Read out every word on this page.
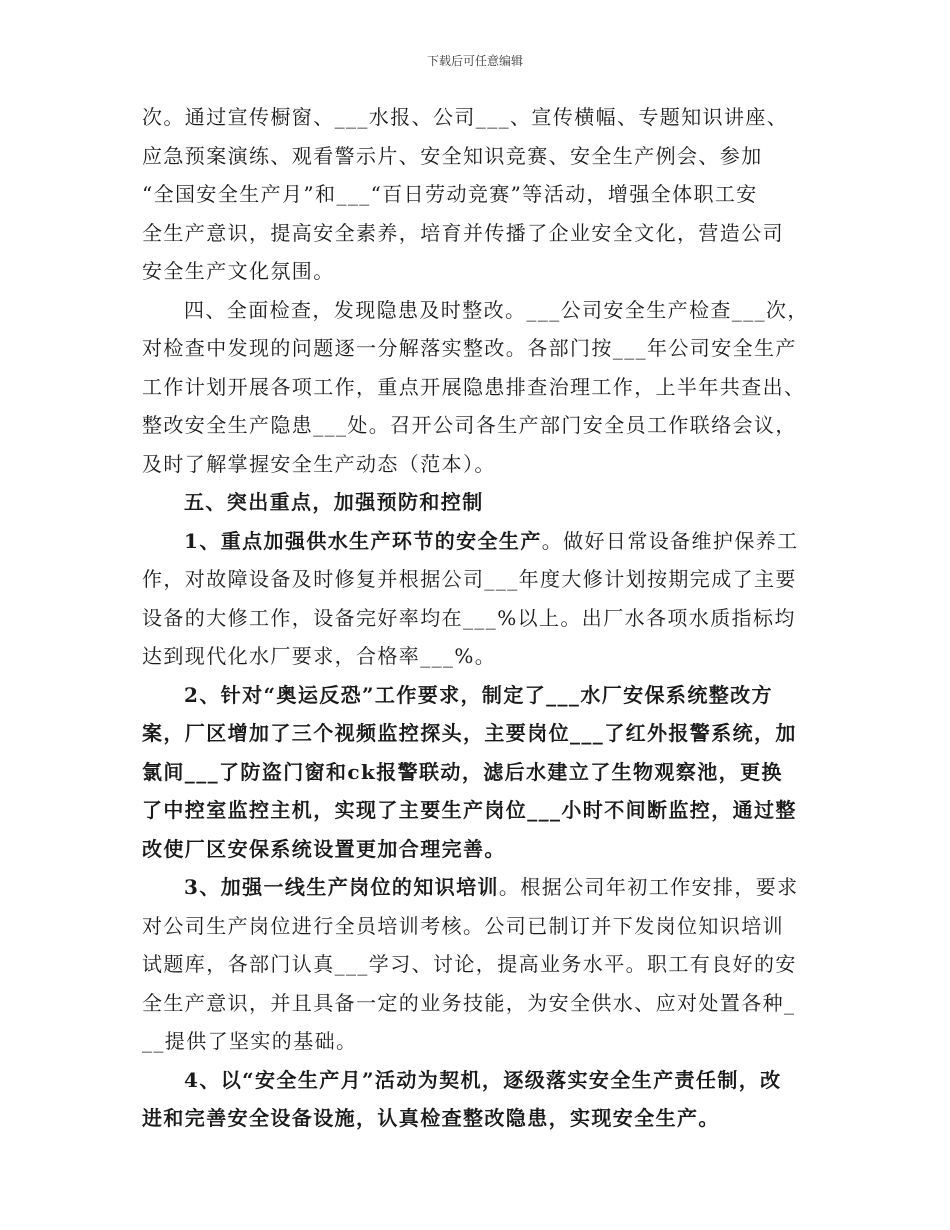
下载后可任意编辑
次。通过宣传橱窗、___水报、公司___、宣传横幅、专题知识讲座、
应急预案演练、观看警示片、安全知识竞赛、安全生产例会、参加
“全国安全生产月”和___“百日劳动竞赛”等活动，增强全体职工安
全生产意识，提高安全素养，培育并传播了企业安全文化，营造公司
安全生产文化氛围。
四、全面检查，发现隐患及时整改。___公司安全生产检查___次，
对检查中发现的问题逐一分解落实整改。各部门按___年公司安全生产
工作计划开展各项工作，重点开展隐患排查治理工作，上半年共查出、
整改安全生产隐患___处。召开公司各生产部门安全员工作联络会议，
及时了解掌握安全生产动态（范本）。
五、突出重点，加强预防和控制
1、重点加强供水生产环节的安全生产。做好日常设备维护保养工
作，对故障设备及时修复并根据公司___年度大修计划按期完成了主要
设备的大修工作，设备完好率均在___%以上。出厂水各项水质指标均
达到现代化水厂要求，合格率___%。
2、针对“奥运反恐”工作要求，制定了___水厂安保系统整改方
案，厂区增加了三个视频监控探头，主要岗位___了红外报警系统，加
氯间___了防盗门窗和ck报警联动，滤后水建立了生物观察池，更换
了中控室监控主机，实现了主要生产岗位___小时不间断监控，通过整
改使厂区安保系统设置更加合理完善。
3、加强一线生产岗位的知识培训。根据公司年初工作安排，要求
对公司生产岗位进行全员培训考核。公司已制订并下发岗位知识培训
试题库，各部门认真___学习、讨论，提高业务水平。职工有良好的安
全生产意识，并且具备一定的业务技能，为安全供水、应对处置各种_
__提供了坚实的基础。
4、以“安全生产月”活动为契机，逐级落实安全生产责任制，改
进和完善安全设备设施，认真检查整改隐患，实现安全生产。
